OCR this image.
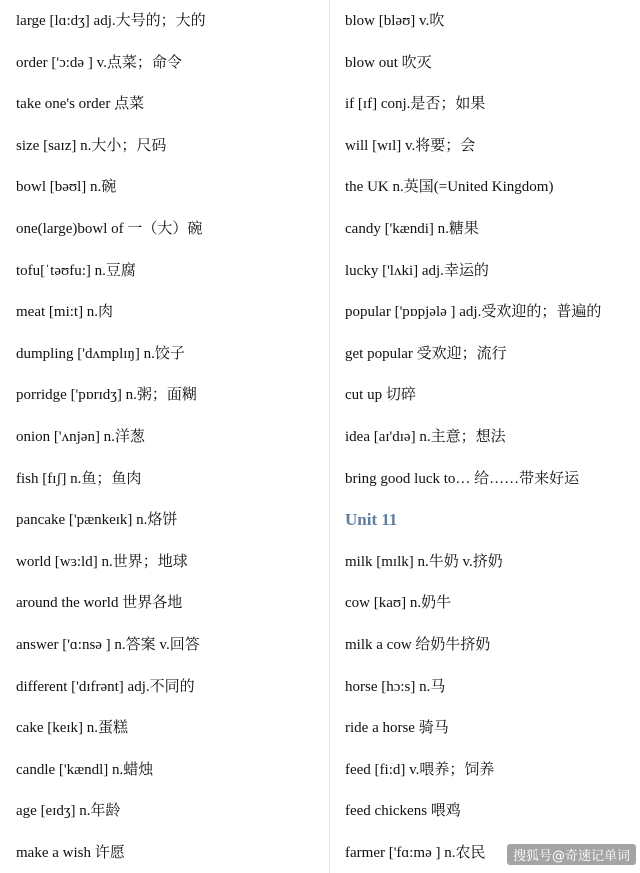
large [lɑ:dʒ] adj.大号的；大的
order ['ɔ:də ] v.点菜；命令
take one's order 点菜
size [saɪz] n.大小；尺码
bowl [bəʊl] n.碗
one(large)bowl of 一（大）碗
tofu[ˈtəʊfu:] n.豆腐
meat [mi:t] n.肉
dumpling ['dʌmplɪŋ] n.饺子
porridge ['pɒrɪdʒ] n.粥；面糊
onion ['ʌnjən] n.洋葱
fish [fɪʃ] n.鱼；鱼肉
pancake ['pænkeɪk] n.烙饼
world [wɜ:ld] n.世界；地球
around the world 世界各地
answer ['ɑ:nsə ] n.答案 v.回答
different ['dɪfrənt] adj.不同的
cake [keɪk] n.蛋糕
candle ['kændl] n.蜡烛
age [eɪdʒ] n.年龄
make a wish 许愿
blow [bləʊ] v.吹
blow out 吹灭
if [ɪf] conj.是否；如果
will [wɪl] v.将要；会
the UK n.英国(=United Kingdom)
candy ['kændi] n.糖果
lucky ['lʌki] adj.幸运的
popular ['pɒpjələ ] adj.受欢迎的；普遍的
get popular 受欢迎；流行
cut up 切碎
idea [aɪ'dɪə] n.主意；想法
bring good luck to… 给……带来好运
Unit 11
milk [mɪlk] n.牛奶 v.挤奶
cow [kaʊ] n.奶牛
milk a cow 给奶牛挤奶
horse [hɔ:s] n.马
ride a horse 骑马
feed [fi:d] v.喂养；饲养
feed chickens 喂鸡
farmer ['fɑ:mə ] n.农民	搜狐号@奇速记单词
